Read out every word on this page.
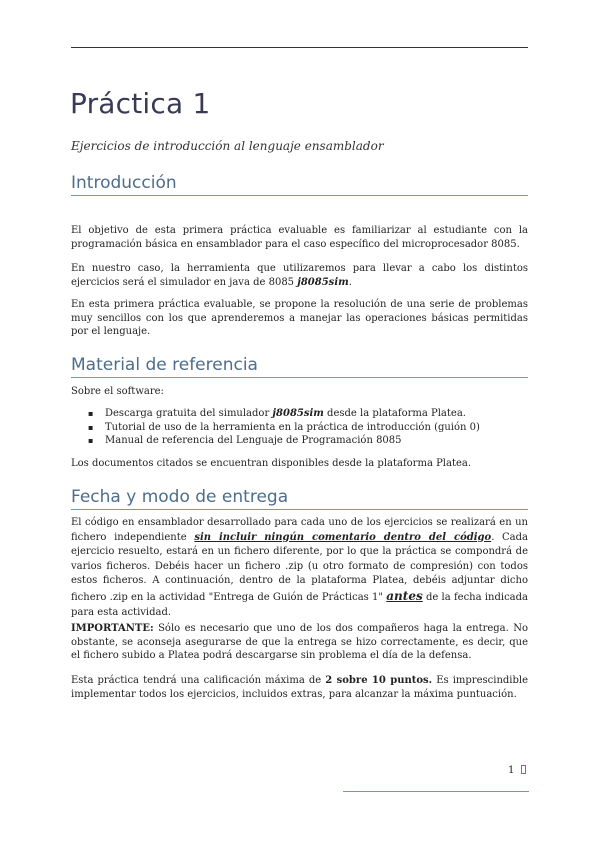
Práctica 1
Ejercicios de introducción al lenguaje ensamblador
Introducción

El objetivo de esta primera práctica evaluable es familiarizar al estudiante con la programación básica en ensamblador para el caso específico del microprocesador 8085.

En nuestro caso, la herramienta que utilizaremos para llevar a cabo los distintos ejercicios será el simulador en java de 8085 j8085sim.

En esta primera práctica evaluable, se propone la resolución de una serie de problemas muy sencillos con los que aprenderemos a manejar las operaciones básicas permitidas por el lenguaje.

Material de referencia

Sobre el software:

▪ Descarga gratuita del simulador j8085sim desde la plataforma Platea.
▪ Tutorial de uso de la herramienta en la práctica de introducción (guión 0)
▪ Manual de referencia del Lenguaje de Programación 8085

Los documentos citados se encuentran disponibles desde la plataforma Platea.

Fecha y modo de entrega

El código en ensamblador desarrollado para cada uno de los ejercicios se realizará en un fichero independiente sin incluir ningún comentario dentro del código. Cada ejercicio resuelto, estará en un fichero diferente, por lo que la práctica se compondrá de varios ficheros. Debéis hacer un fichero .zip (u otro formato de compresión) con todos estos ficheros. A continuación, dentro de la plataforma Platea, debéis adjuntar dicho fichero .zip en la actividad "Entrega de Guión de Prácticas 1" antes de la fecha indicada para esta actividad.

IMPORTANTE: Sólo es necesario que uno de los dos compañeros haga la entrega. No obstante, se aconseja asegurarse de que la entrega se hizo correctamente, es decir, que el fichero subido a Platea podrá descargarse sin problema el día de la defensa.

Esta práctica tendrá una calificación máxima de 2 sobre 10 puntos. Es imprescindible implementar todos los ejercicios, incluidos extras, para alcanzar la máxima puntuación.

1
